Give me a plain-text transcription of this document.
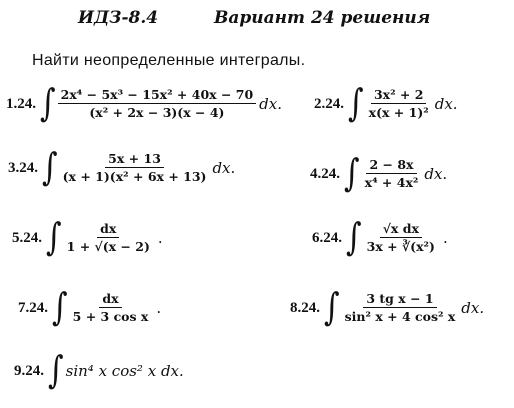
ИДЗ-8.4	Вариант 24 решения
Найти неопределенные интегралы.
1.24. ∫ $\frac{\text{2x⁴ − 5x³ − 15x² + 40x − 70}}{\text{(x² + 2x − 3)(x − 4)}}$ dx. 2.24. ∫ $\frac{\text{3x² + 2}}{\text{x(x + 1)²}}$ dx.
3.24. ∫ $\frac{5x + 13}{\text{(x + 1)(x² + 6x + 13)}}$ dx.	4.24. ∫ $\frac{2 - 8x}{\text{x⁴ + 4x²}}$ dx.
5.24. ∫ $\frac{dx}{1 + √(x - 2)}$ .	6.24. ∫ $\frac{\text{√x dx}}{\text{3x + ∛(x²)}}$ .
7.24. ∫ $\frac{dx}{\text{5 + 3 cos x}}$ .	8.24. ∫ $\frac{\text{3 tg x − 1}}{\text{sin² x + 4 cos² x}}$ dx.
9.24. ∫ sin⁴ x cos² x dx.
